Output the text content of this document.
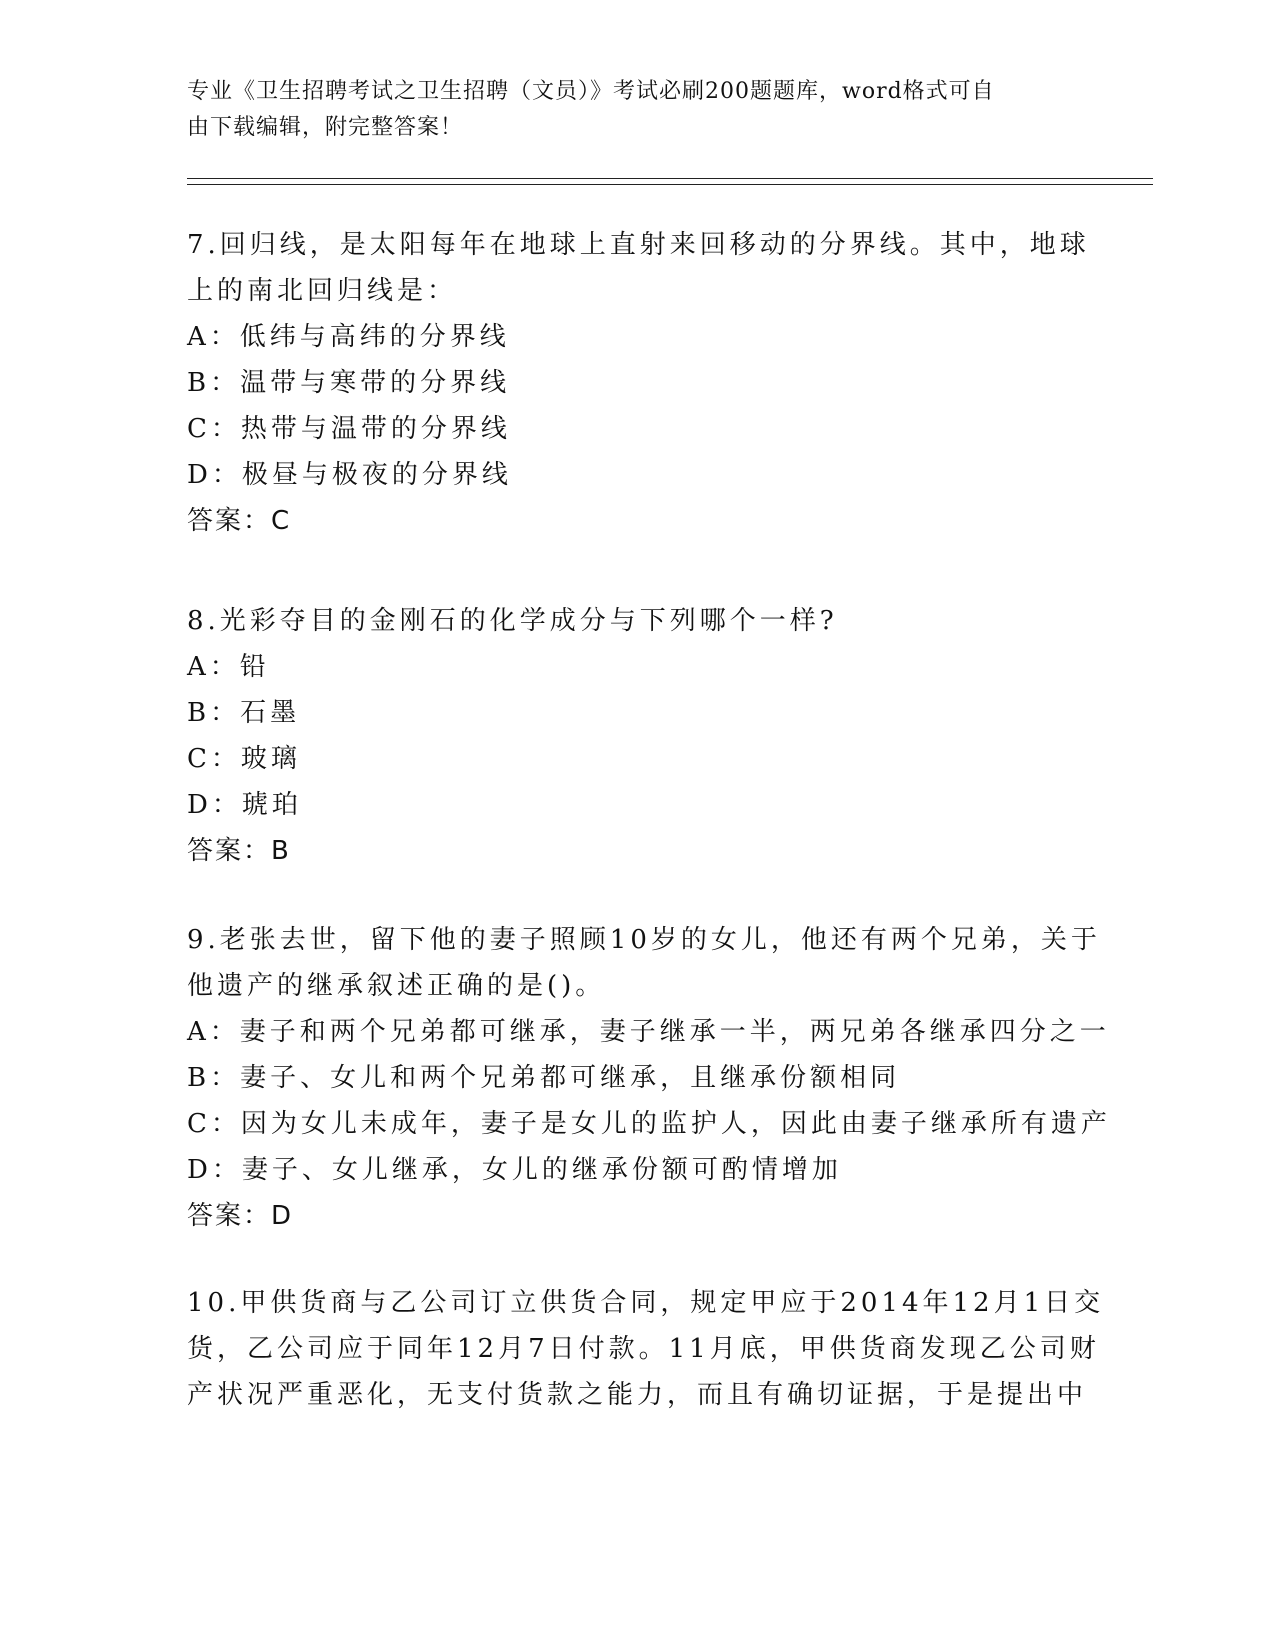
专业《卫生招聘考试之卫生招聘（文员）》考试必刷200题题库，word格式可自
由下载编辑，附完整答案！
7.回归线，是太阳每年在地球上直射来回移动的分界线。其中，地球
上的南北回归线是：
A：低纬与高纬的分界线
B：温带与寒带的分界线
C：热带与温带的分界线
D：极昼与极夜的分界线
答案：C
8.光彩夺目的金刚石的化学成分与下列哪个一样?
A：铅
B：石墨
C：玻璃
D：琥珀
答案：B
9.老张去世，留下他的妻子照顾10岁的女儿，他还有两个兄弟，关于
他遗产的继承叙述正确的是()。
A：妻子和两个兄弟都可继承，妻子继承一半，两兄弟各继承四分之一
B：妻子、女儿和两个兄弟都可继承，且继承份额相同
C：因为女儿未成年，妻子是女儿的监护人，因此由妻子继承所有遗产
D：妻子、女儿继承，女儿的继承份额可酌情增加
答案：D
10.甲供货商与乙公司订立供货合同，规定甲应于2014年12月1日交
货，乙公司应于同年12月7日付款。11月底，甲供货商发现乙公司财
产状况严重恶化，无支付货款之能力，而且有确切证据，于是提出中
